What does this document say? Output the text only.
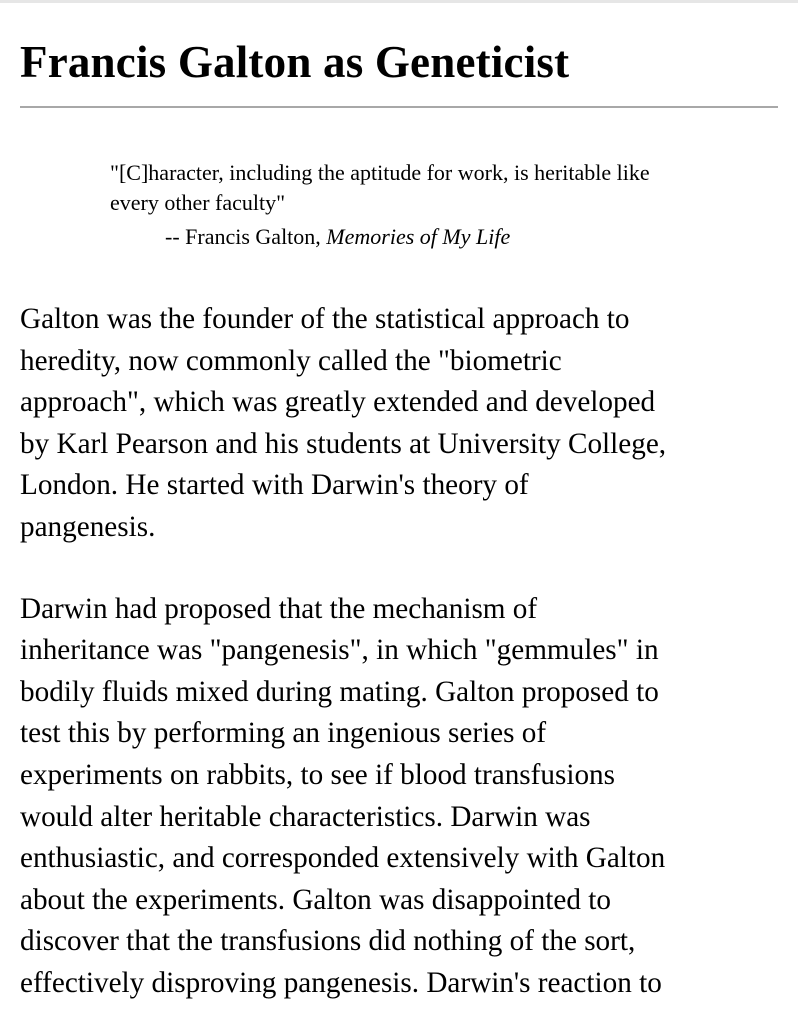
Francis Galton as Geneticist
"[C]haracter, including the aptitude for work, is heritable like every other faculty"
-- Francis Galton, Memories of My Life

Galton was the founder of the statistical approach to
heredity, now commonly called the "biometric
approach", which was greatly extended and developed
by Karl Pearson and his students at University College,
London. He started with Darwin's theory of
pangenesis.

Darwin had proposed that the mechanism of
inheritance was "pangenesis", in which "gemmules" in
bodily fluids mixed during mating. Galton proposed to
test this by performing an ingenious series of
experiments on rabbits, to see if blood transfusions
would alter heritable characteristics. Darwin was
enthusiastic, and corresponded extensively with Galton
about the experiments. Galton was disappointed to
discover that the transfusions did nothing of the sort,
effectively disproving pangenesis. Darwin's reaction to
